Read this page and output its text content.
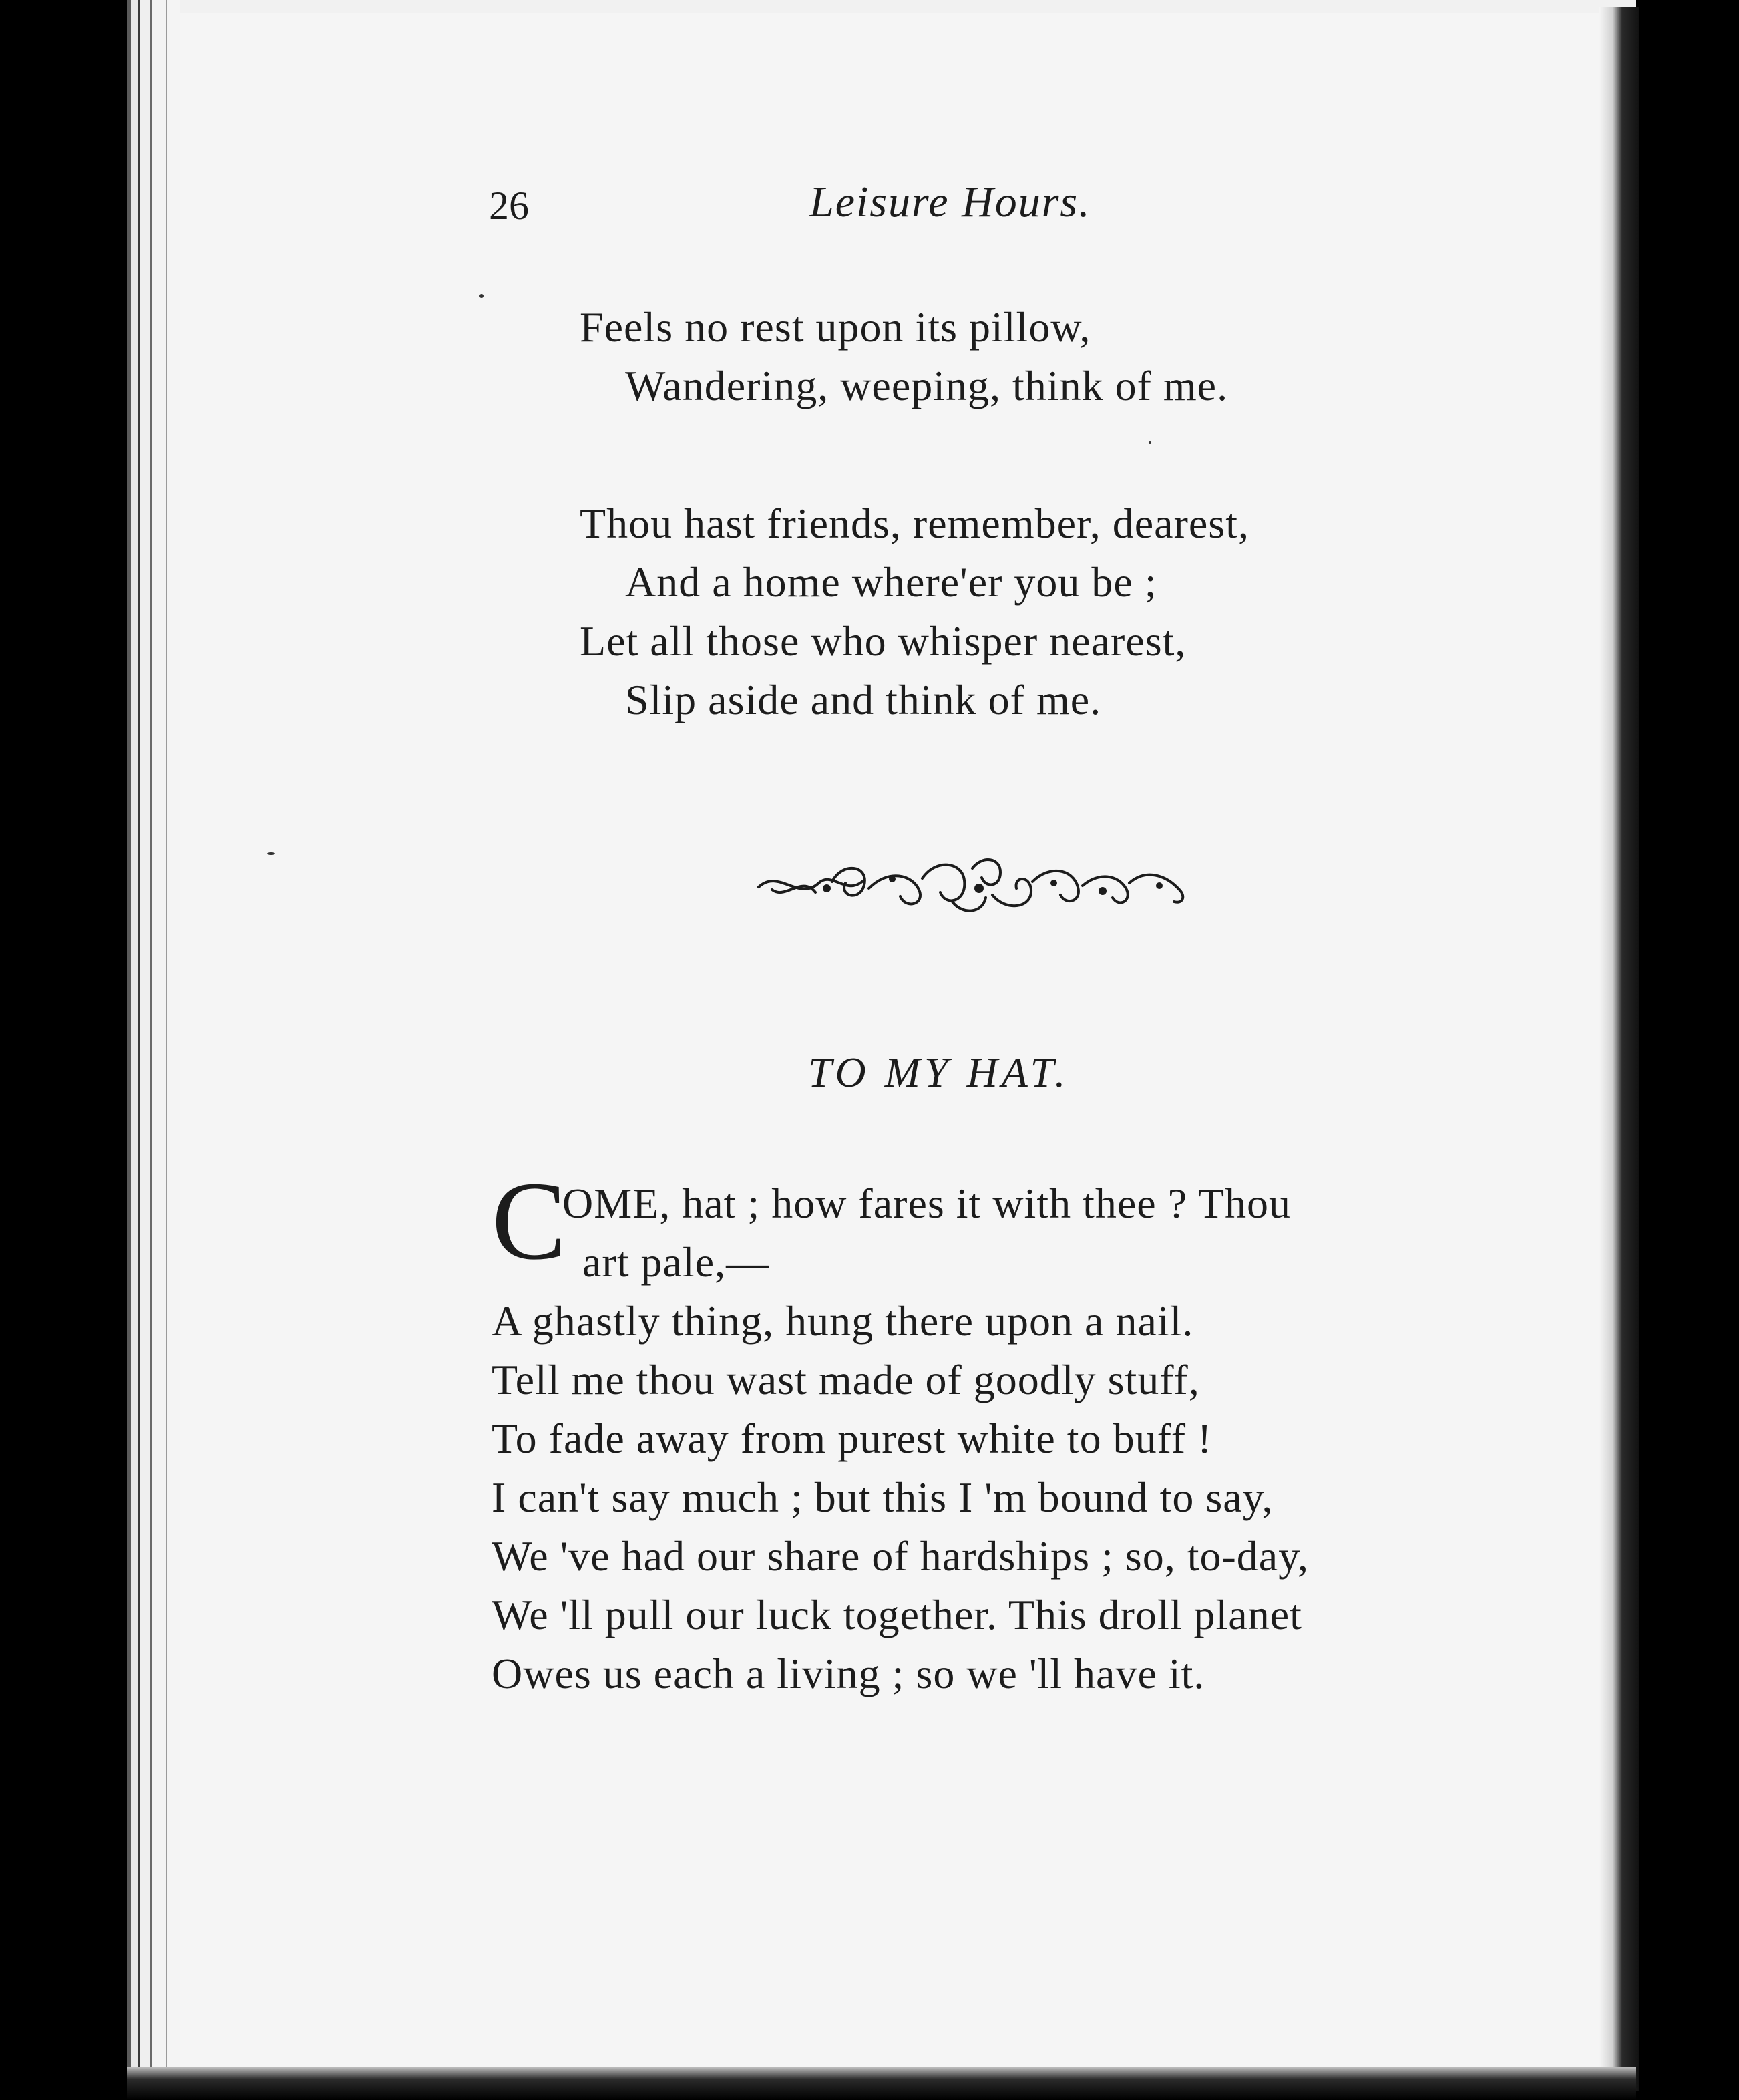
26	Leisure Hours.

Feels no rest upon its pillow,

Wandering, weeping, think of me.

Thou hast friends, remember, dearest,

And a home where'er you be ;

Let all those who whisper nearest,

Slip aside and think of me.

TO MY HAT.

C

OME, hat ; how fares it with thee ? Thou

art pale,—

A ghastly thing, hung there upon a nail.

Tell me thou wast made of goodly stuff,

To fade away from purest white to buff !

I can't say much ; but this I 'm bound to say,

We 've had our share of hardships ; so, to-day,

We 'll pull our luck together. This droll planet

Owes us each a living ; so we 'll have it.
